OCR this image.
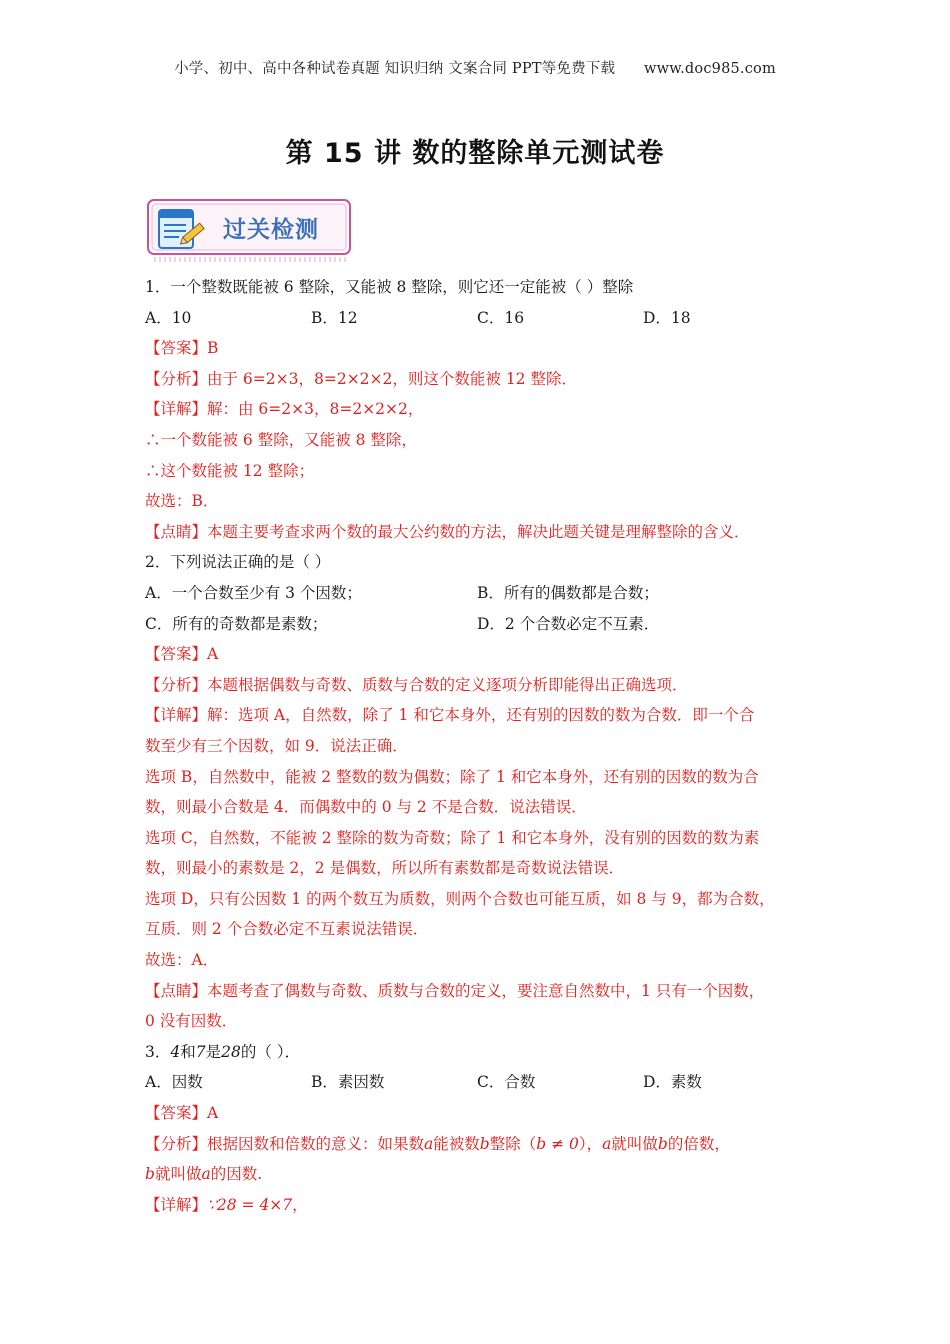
小学、初中、高中各种试卷真题 知识归纳 文案合同 PPT等免费下载 www.doc985.com
第 15 讲 数的整除单元测试卷
过关检测
1．一个整数既能被 6 整除，又能被 8 整除，则它还一定能被（ ）整除
A．10	B．12	C．16	D．18
【答案】B
【分析】由于 6=2×3，8=2×2×2，则这个数能被 12 整除．
【详解】解：由 6=2×3，8=2×2×2，
∴一个数能被 6 整除，又能被 8 整除，
∴这个数能被 12 整除；
故选：B．
【点睛】本题主要考查求两个数的最大公约数的方法，解决此题关键是理解整除的含义．
2．下列说法正确的是（ ）
A．一个合数至少有 3 个因数；	B．所有的偶数都是合数；
C．所有的奇数都是素数；	D．2 个合数必定不互素．
【答案】A
【分析】本题根据偶数与奇数、质数与合数的定义逐项分析即能得出正确选项．
【详解】解：选项 A，自然数，除了 1 和它本身外，还有别的因数的数为合数．即一个合
数至少有三个因数，如 9．说法正确．
选项 B，自然数中，能被 2 整数的数为偶数；除了 1 和它本身外，还有别的因数的数为合
数，则最小合数是 4．而偶数中的 0 与 2 不是合数．说法错误．
选项 C，自然数，不能被 2 整除的数为奇数；除了 1 和它本身外，没有别的因数的数为素
数，则最小的素数是 2，2 是偶数，所以所有素数都是奇数说法错误．
选项 D，只有公因数 1 的两个数互为质数，则两个合数也可能互质，如 8 与 9，都为合数，
互质．则 2 个合数必定不互素说法错误．
故选：A．
【点睛】本题考查了偶数与奇数、质数与合数的定义，要注意自然数中，1 只有一个因数，
0 没有因数．
3．4和7是28的（ ）．
A．因数	B．素因数	C．合数	D．素数
【答案】A
【分析】根据因数和倍数的意义：如果数a能被数b整除（b ≠ 0），a就叫做b的倍数，
b就叫做a的因数.
【详解】∵28 = 4×7，
